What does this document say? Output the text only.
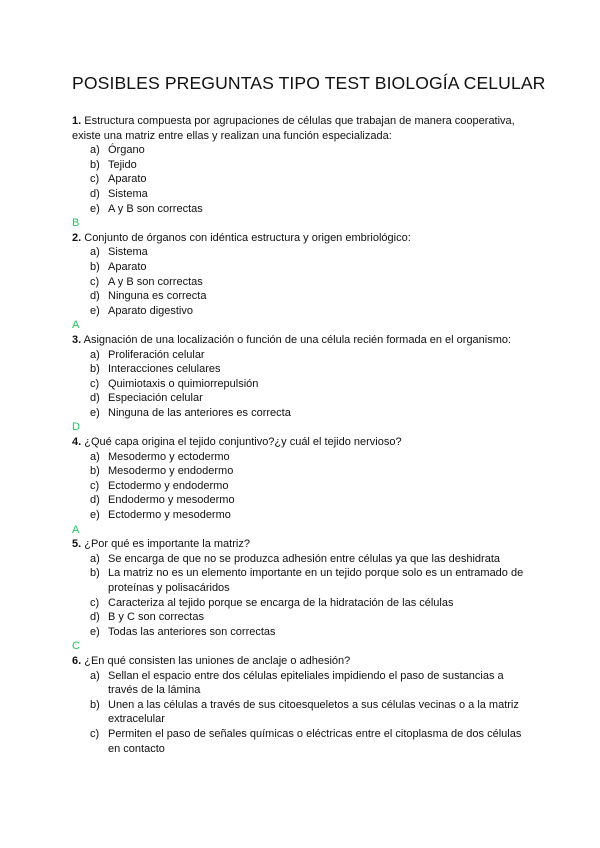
POSIBLES PREGUNTAS TIPO TEST BIOLOGÍA CELULAR

1. Estructura compuesta por agrupaciones de células que trabajan de manera cooperativa, existe una matriz entre ellas y realizan una función especializada:

a) Órgano
b) Tejido
c) Aparato
d) Sistema
e) A y B son correctas

B

2. Conjunto de órganos con idéntica estructura y origen embriológico:

a) Sistema
b) Aparato
c) A y B son correctas
d) Ninguna es correcta
e) Aparato digestivo

A

3. Asignación de una localización o función de una célula recién formada en el organismo:

a) Proliferación celular
b) Interacciones celulares
c) Quimiotaxis o quimiorrepulsión
d) Especiación celular
e) Ninguna de las anteriores es correcta

D

4. ¿Qué capa origina el tejido conjuntivo?¿y cuál el tejido nervioso?

a) Mesodermo y ectodermo
b) Mesodermo y endodermo
c) Ectodermo y endodermo
d) Endodermo y mesodermo
e) Ectodermo y mesodermo

A

5. ¿Por qué es importante la matriz?

a) Se encarga de que no se produzca adhesión entre células ya que las deshidrata
b) La matriz no es un elemento importante en un tejido porque solo es un entramado de proteínas y polisacáridos
c) Caracteriza al tejido porque se encarga de la hidratación de las células
d) B y C son correctas
e) Todas las anteriores son correctas

C

6. ¿En qué consisten las uniones de anclaje o adhesión?

a) Sellan el espacio entre dos células epiteliales impidiendo el paso de sustancias a través de la lámina
b) Unen a las células a través de sus citoesqueletos a sus células vecinas o a la matriz extracelular
c) Permiten el paso de señales químicas o eléctricas entre el citoplasma de dos células en contacto
